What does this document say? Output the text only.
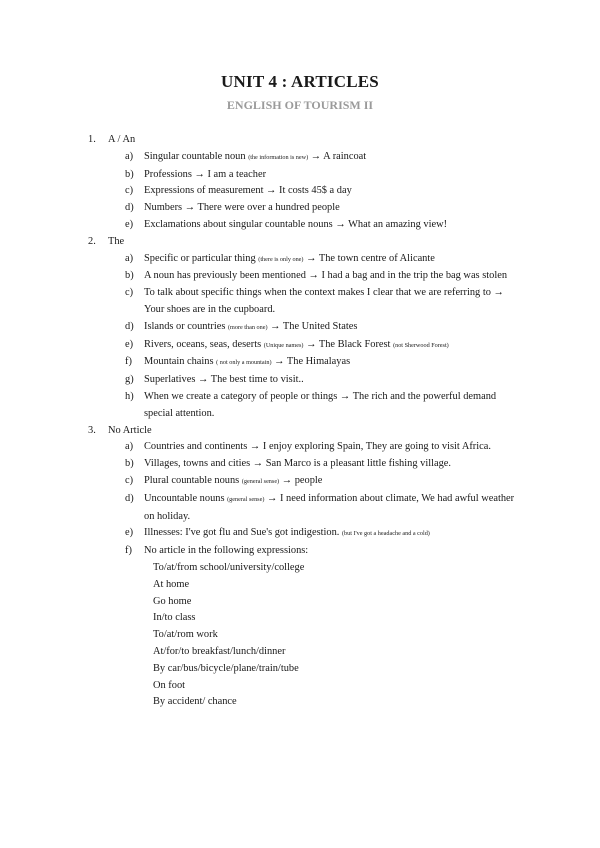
UNIT 4 : ARTICLES
ENGLISH OF TOURISM II
1. A / An
a) Singular countable noun (the information is new) → A raincoat
b) Professions → I am a teacher
c) Expressions of measurement → It costs 45$ a day
d) Numbers → There were over a hundred people
e) Exclamations about singular countable nouns → What an amazing view!
2. The
a) Specific or particular thing (there is only one) → The town centre of Alicante
b) A noun has previously been mentioned → I had a bag and in the trip the bag was stolen
c) To talk about specific things when the context makes I clear that we are referring to → Your shoes are in the cupboard.
d) Islands or countries (more than one) → The United States
e) Rivers, oceans, seas, deserts (Unique names) → The Black Forest (not Sherwood Forest)
f) Mountain chains ( not only a mountain) → The Himalayas
g) Superlatives → The best time to visit..
h) When we create a category of people or things → The rich and the powerful demand special attention.
3. No Article
a) Countries and continents → I enjoy exploring Spain, They are going to visit Africa.
b) Villages, towns and cities → San Marco is a pleasant little fishing village.
c) Plural countable nouns (general sense) → people
d) Uncountable nouns (general sense) → I need information about climate, We had awful weather on holiday.
e) Illnesses: I've got flu and Sue's got indigestion. (but I've got a headache and a cold)
f) No article in the following expressions:
To/at/from school/university/college
At home
Go home
In/to class
To/at/rom work
At/for/to breakfast/lunch/dinner
By car/bus/bicycle/plane/train/tube
On foot
By accident/ chance
